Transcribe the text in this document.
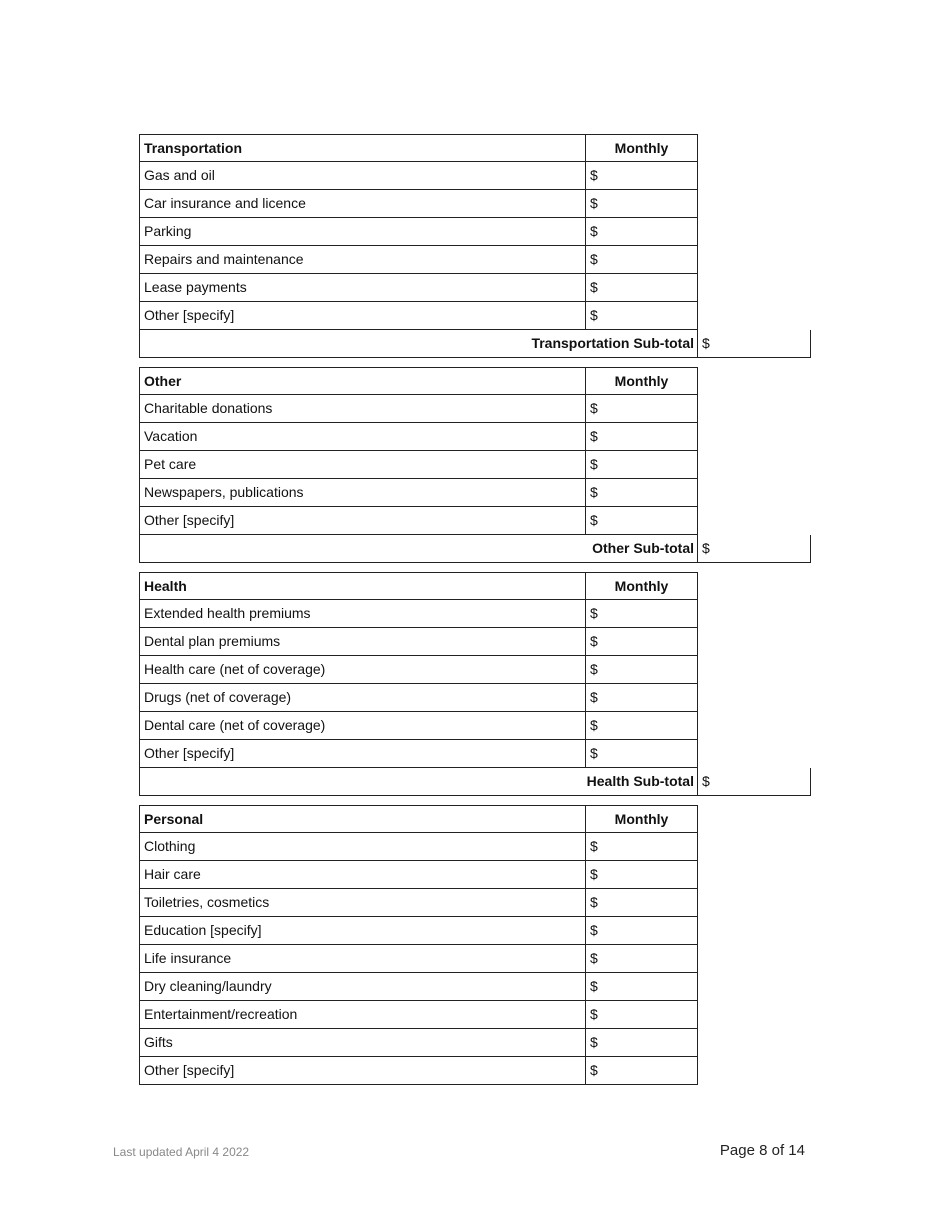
Transportation	Monthly
Gas and oil	$
Car insurance and licence	$
Parking	$
Repairs and maintenance	$
Lease payments	$
Other [specify]	$
Transportation Sub-total $
Other	Monthly
Charitable donations	$
Vacation	$
Pet care	$
Newspapers, publications	$
Other [specify]	$
Other Sub-total $
Health	Monthly
Extended health premiums	$
Dental plan premiums	$
Health care (net of coverage)	$
Drugs (net of coverage)	$
Dental care (net of coverage)	$
Other [specify]	$
Health Sub-total $
Personal	Monthly
Clothing	$
Hair care	$
Toiletries, cosmetics	$
Education [specify]	$
Life insurance	$
Dry cleaning/laundry	$
Entertainment/recreation	$
Gifts	$
Other [specify]	$
Last updated April 4 2022	Page 8 of 14
